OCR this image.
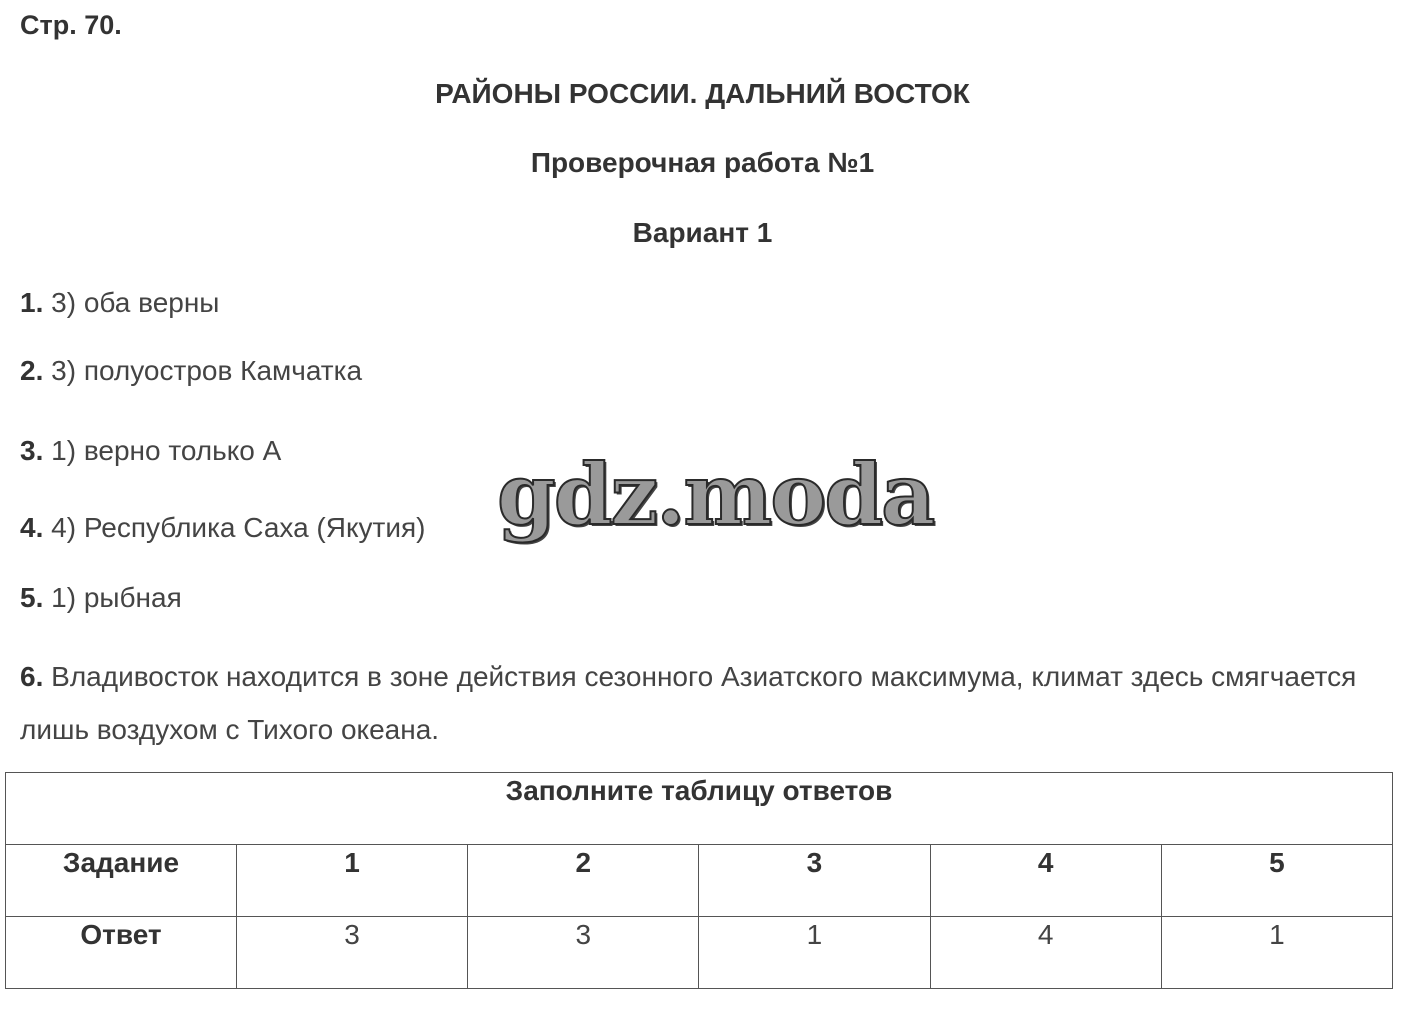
Стр. 70.
РАЙОНЫ РОССИИ. ДАЛЬНИЙ ВОСТОК
Проверочная работа №1
Вариант 1
1. 3) оба верны
2. 3) полуостров Камчатка
3. 1) верно только А
4. 4) Республика Саха (Якутия)
5. 1) рыбная
6. Владивосток находится в зоне действия сезонного Азиатского максимума, климат здесь смягчается лишь воздухом с Тихого океана.
gdz.moda
Заполните таблицу ответов					
Задание	1	2	3	4	5
Ответ	3	3	1	4	1
